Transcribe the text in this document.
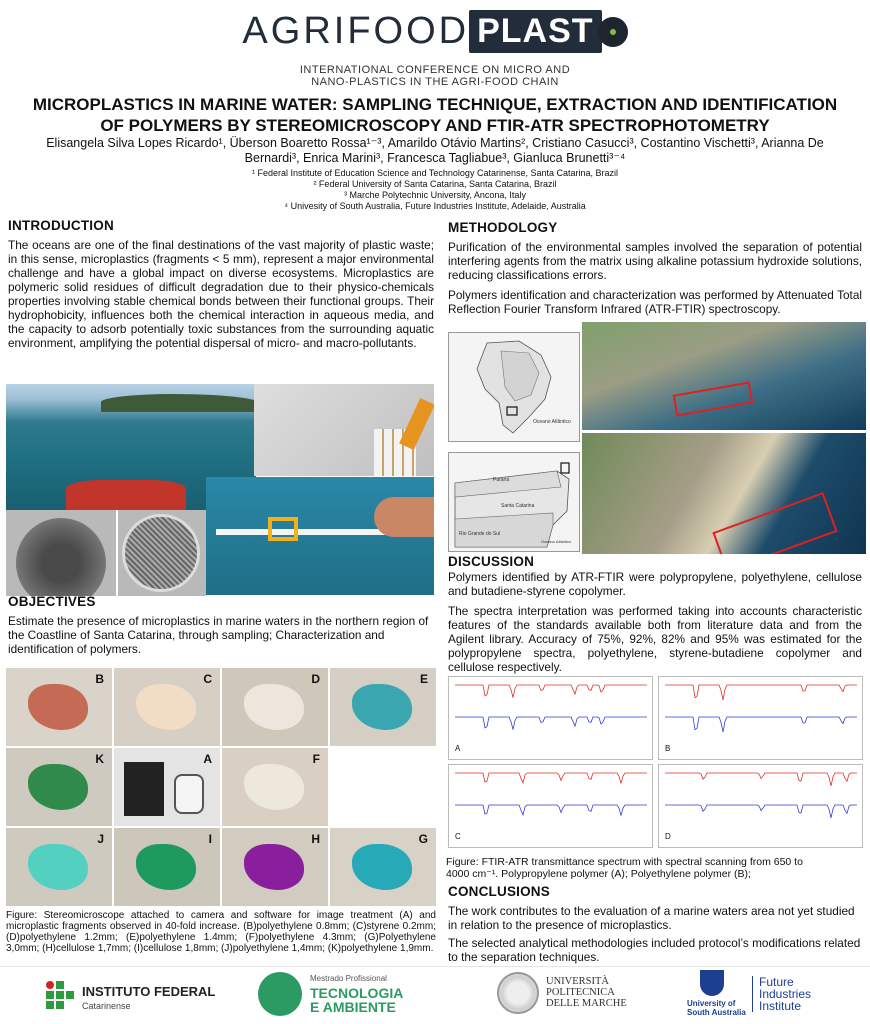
AGRIFOOD PLAST
INTERNATIONAL CONFERENCE ON MICRO AND
NANO-PLASTICS IN THE AGRI-FOOD CHAIN
MICROPLASTICS IN MARINE WATER: SAMPLING TECHNIQUE, EXTRACTION AND IDENTIFICATION
OF POLYMERS BY STEREOMICROSCOPY AND FTIR-ATR SPECTROPHOTOMETRY
Elisangela Silva Lopes Ricardo¹, Überson Boaretto Rossa¹⁻³, Amarildo Otávio Martins², Cristiano Casucci³, Costantino Vischetti³, Arianna De
Bernardi³, Enrica Marini³, Francesca Tagliabue³, Gianluca Brunetti³⁻⁴
¹ Federal Institute of Education Science and Technology Catarinense, Santa Catarina, Brazil
² Federal University of Santa Catarina, Santa Catarina, Brazil
³ Marche Polytechnic University, Ancona, Italy
⁴ Univesity of South Australia, Future Industries Institute, Adelaide, Australia
INTRODUCTION
The oceans are one of the final destinations of the vast majority of plastic waste; in this sense, microplastics (fragments < 5 mm), represent a major environmental challenge and have a global impact on diverse ecosystems. Microplastics are polymeric solid residues of difficult degradation due to their physico-chemicals properties involving stable chemical bonds between their functional groups. Their hydrophobicity, influences both the chemical interaction in aqueous media, and the capacity to adsorb potentially toxic substances from the surrounding aquatic environment, amplifying the potential dispersal of micro- and macro-pollutants.
OBJECTIVES
Estimate the presence of microplastics in marine waters in the northern region of the Coastline of Santa Catarina, through sampling; Characterization and identification of polymers.
B	C	D	E
K	A	F
J	I	H	G
Figure: Stereomicroscope attached to camera and software for image treatment (A) and microplastic fragments observed in 40-fold increase. (B)polyethylene 0.8mm; (C)styrene 0.2mm; (D)polyethylene 1.2mm; (E)polyethylene 1.4mm; (F)polyethylene 4.3mm; (G)Polyethylene 3,0mm; (H)cellulose 1,7mm; (I)cellulose 1,8mm; (J)polyethylene 1,4mm; (K)polyethylene 1,9mm.
METHODOLOGY
Purification of the environmental samples involved the separation of potential interfering agents from the matrix using alkaline potassium hydroxide solutions, reducing classifications errors.
Polymers identification and characterization was performed by Attenuated Total Reflection Fourier Transform Infrared (ATR-FTIR) spectroscopy.
Oceano Atlântico
Paraná
Santa Catarina
Rio Grande do Sul
Oceano Atlântico
DISCUSSION
Polymers identified by ATR-FTIR were polypropylene, polyethylene, cellulose and butadiene-styrene copolymer.
The spectra interpretation was performed taking into accounts characteristic features of the standards available both from literature data and from the Agilent library. Accuracy of 75%, 92%, 82% and 95% was estimated for the polypropylene spectra, polyethylene, styrene-butadiene copolymer and cellulose respectively.
A	B
C	D
Figure: FTIR-ATR transmittance spectrum with spectral scanning from 650 to
4000 cm⁻¹. Polypropylene polymer (A); Polyethylene polymer (B);
CONCLUSIONS
The work contributes to the evaluation of a marine waters area not yet studied in relation to the presence of microplastics.
The selected analytical methodologies included protocol’s modifications related to the separation techniques.
INSTITUTO FEDERAL
Catarinense
Mestrado Profissional
TECNOLOGIA
E AMBIENTE
UNIVERSITÀ
POLITECNICA
DELLE MARCHE	University of
South Australia
Future
Industries
Institute
